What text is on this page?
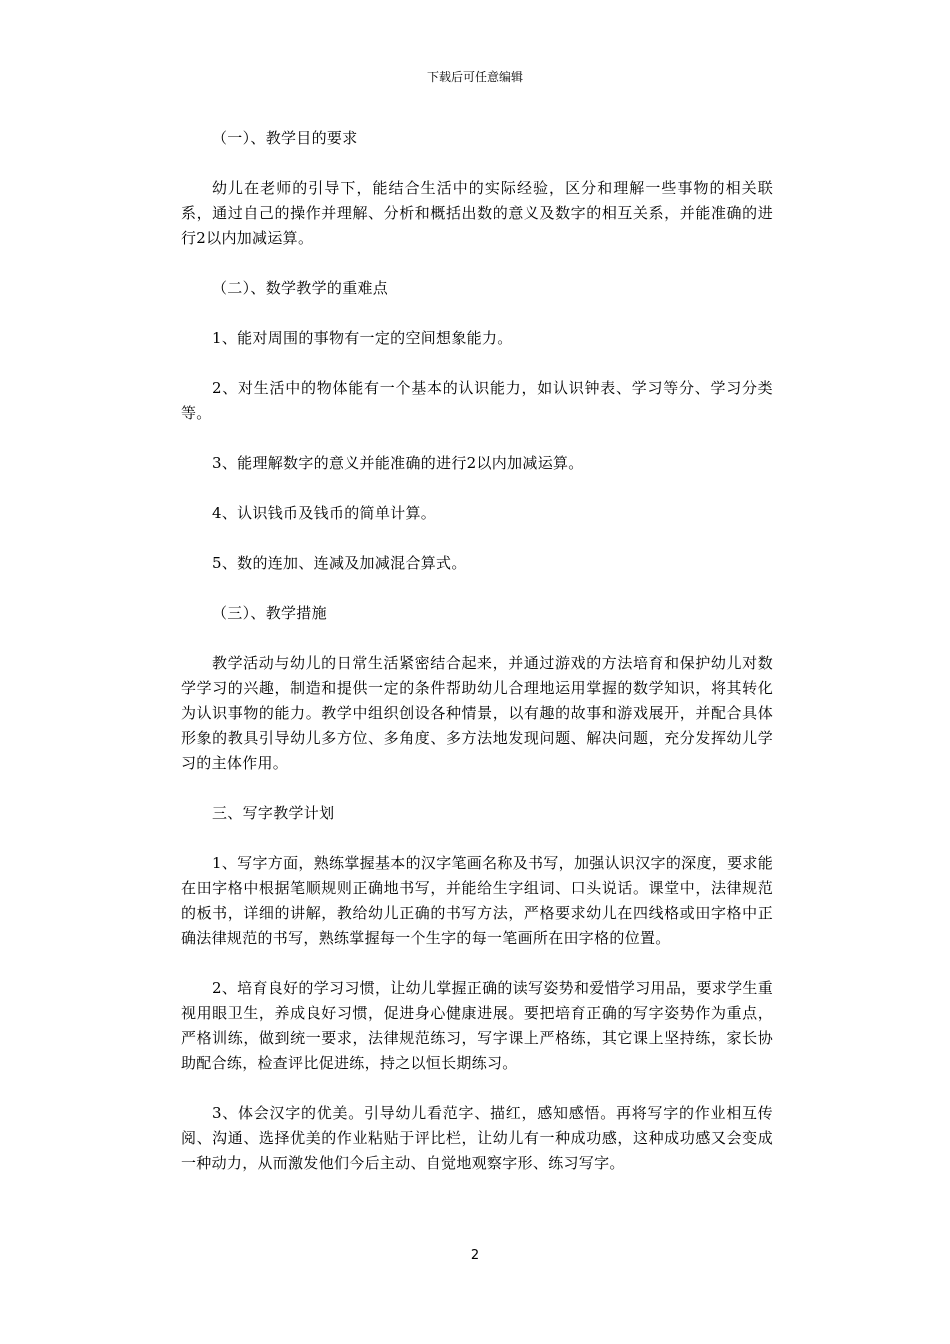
下载后可任意编辑

（一）、教学目的要求

幼儿在老师的引导下，能结合生活中的实际经验，区分和理解一些事物的相关联系，通过自己的操作并理解、分析和概括出数的意义及数字的相互关系，并能准确的进行2以内加减运算。

（二）、数学教学的重难点

1、能对周围的事物有一定的空间想象能力。

2、对生活中的物体能有一个基本的认识能力，如认识钟表、学习等分、学习分类等。

3、能理解数字的意义并能准确的进行2以内加减运算。

4、认识钱币及钱币的简单计算。

5、数的连加、连减及加减混合算式。

（三）、教学措施

教学活动与幼儿的日常生活紧密结合起来，并通过游戏的方法培育和保护幼儿对数学学习的兴趣，制造和提供一定的条件帮助幼儿合理地运用掌握的数学知识，将其转化为认识事物的能力。教学中组织创设各种情景，以有趣的故事和游戏展开，并配合具体形象的教具引导幼儿多方位、多角度、多方法地发现问题、解决问题，充分发挥幼儿学习的主体作用。

三、写字教学计划

1、写字方面，熟练掌握基本的汉字笔画名称及书写，加强认识汉字的深度，要求能在田字格中根据笔顺规则正确地书写，并能给生字组词、口头说话。课堂中，法律规范的板书，详细的讲解，教给幼儿正确的书写方法，严格要求幼儿在四线格或田字格中正确法律规范的书写，熟练掌握每一个生字的每一笔画所在田字格的位置。

2、培育良好的学习习惯，让幼儿掌握正确的读写姿势和爱惜学习用品，要求学生重视用眼卫生，养成良好习惯，促进身心健康进展。要把培育正确的写字姿势作为重点，严格训练，做到统一要求，法律规范练习，写字课上严格练，其它课上坚持练，家长协助配合练，检查评比促进练，持之以恒长期练习。

3、体会汉字的优美。引导幼儿看范字、描红，感知感悟。再将写字的作业相互传阅、沟通、选择优美的作业粘贴于评比栏，让幼儿有一种成功感，这种成功感又会变成一种动力，从而激发他们今后主动、自觉地观察字形、练习写字。

2
